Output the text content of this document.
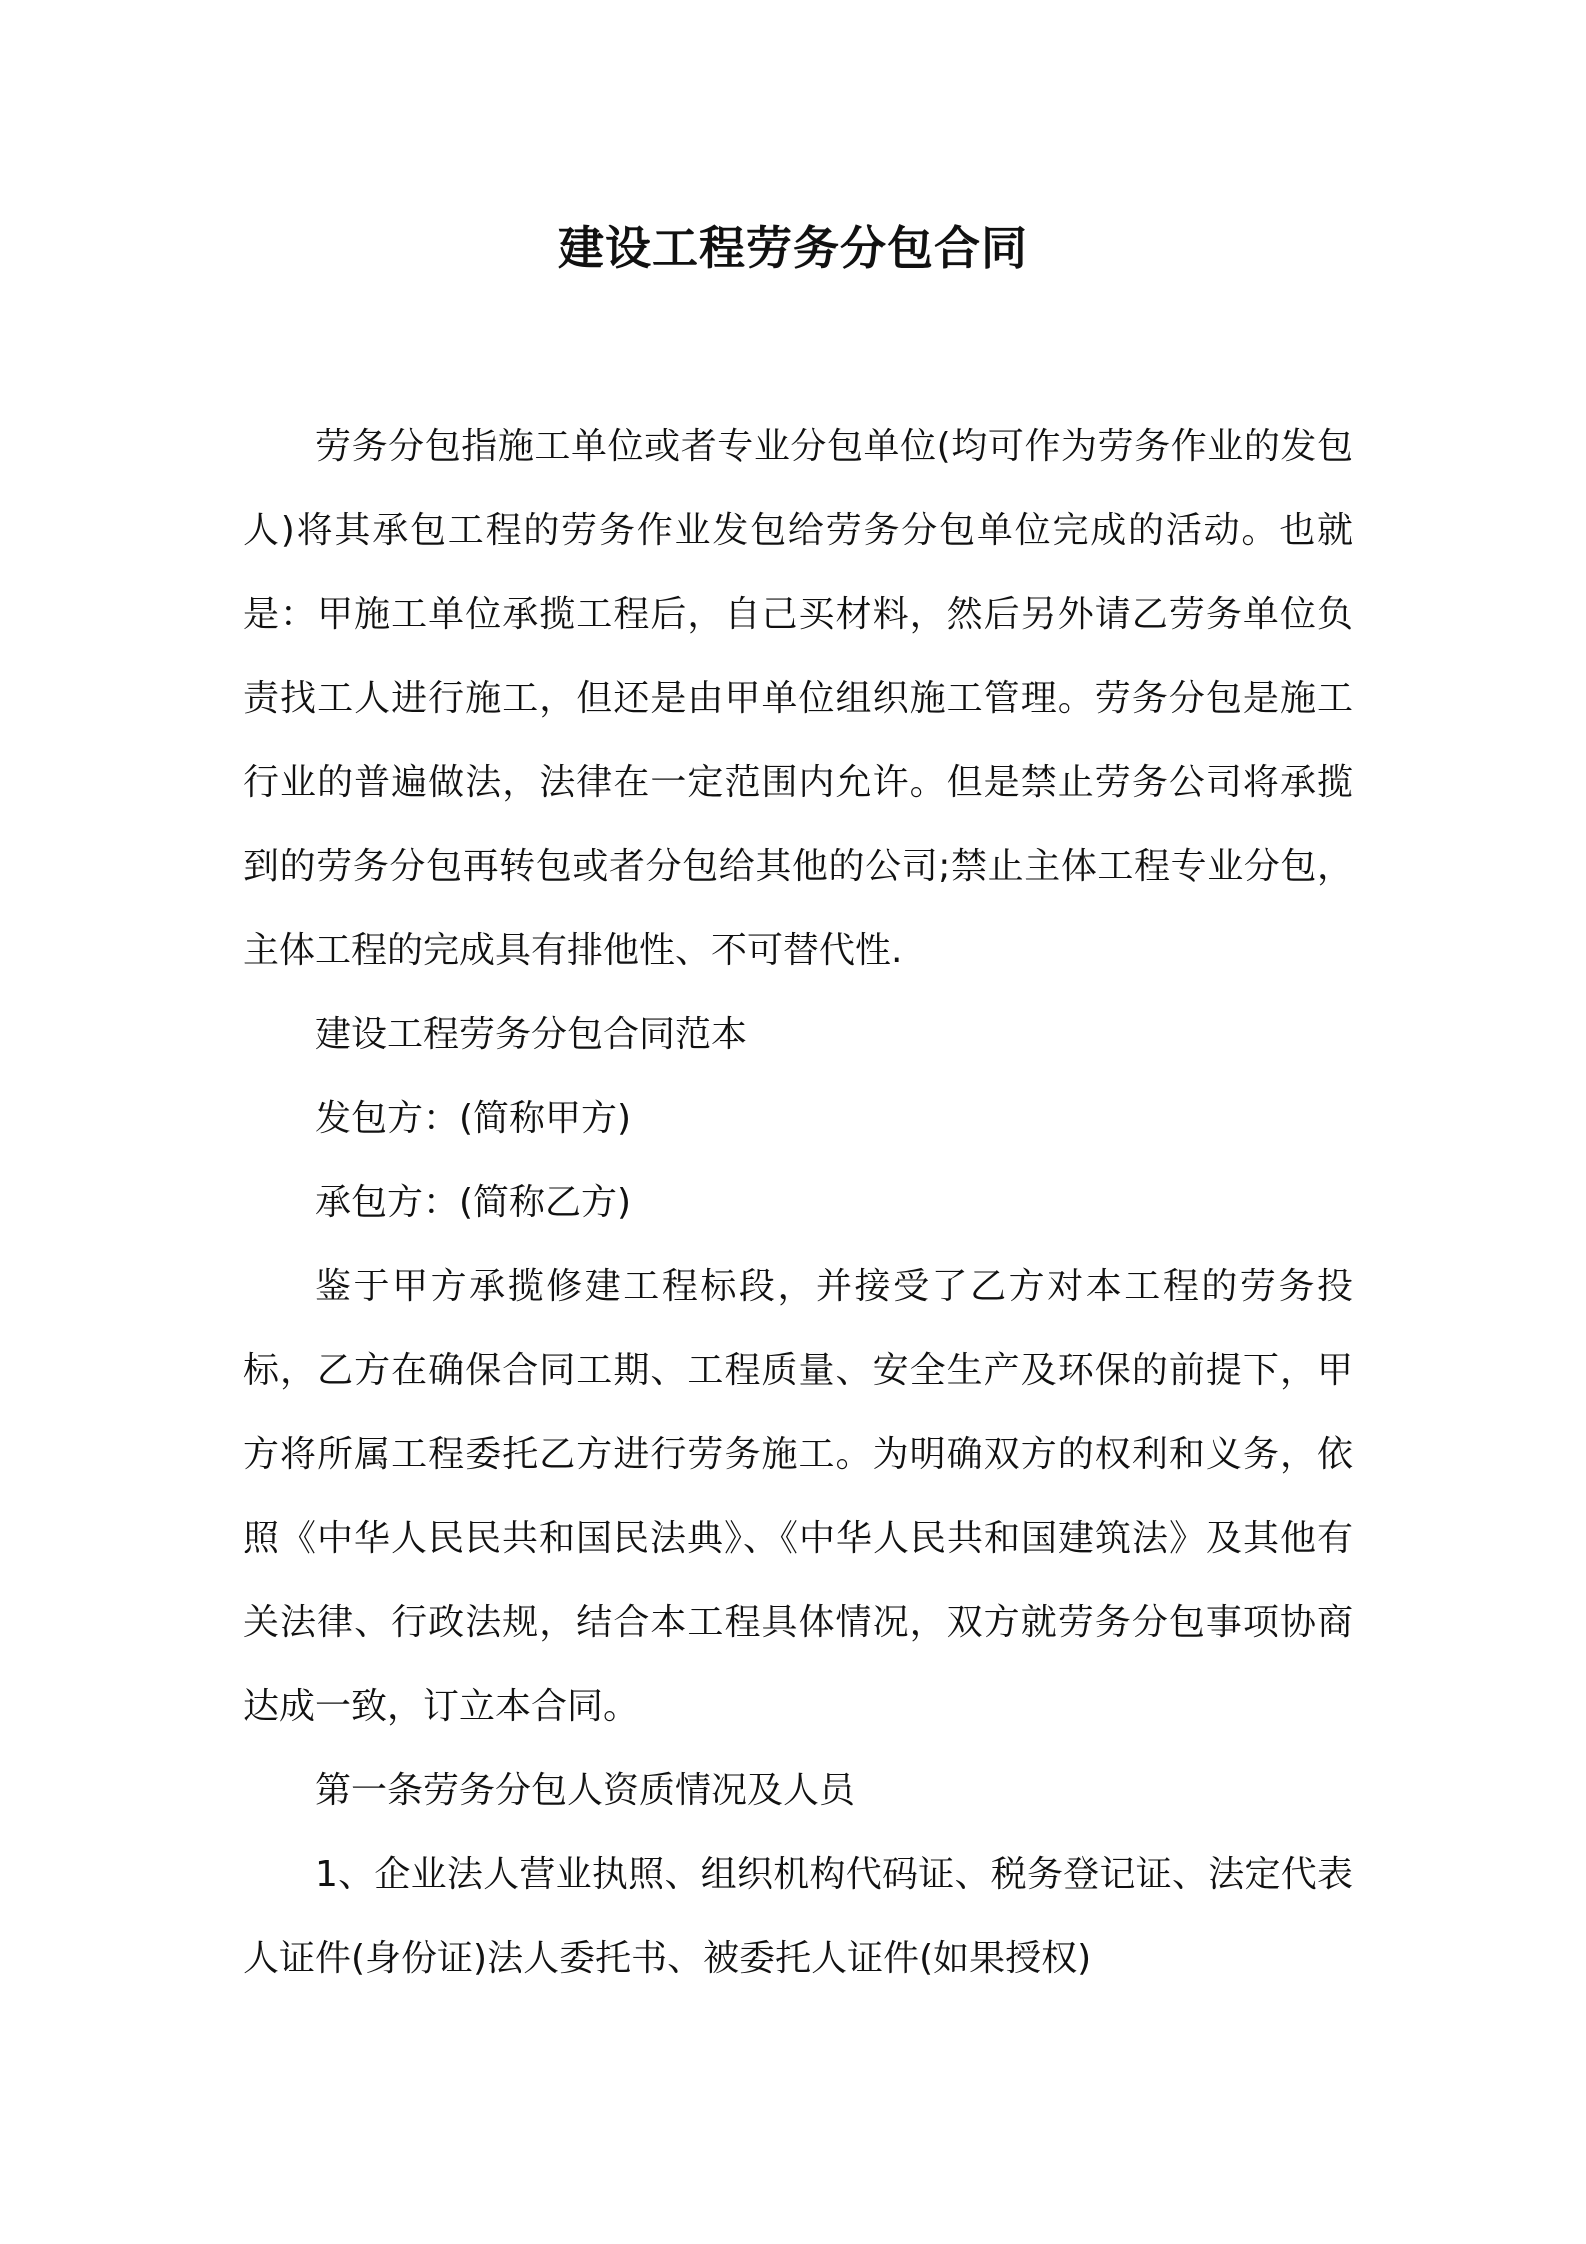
建设工程劳务分包合同

劳务分包指施工单位或者专业分包单位(均可作为劳务作业的发包人)将其承包工程的劳务作业发包给劳务分包单位完成的活动。也就是：甲施工单位承揽工程后，自己买材料，然后另外请乙劳务单位负责找工人进行施工，但还是由甲单位组织施工管理。劳务分包是施工行业的普遍做法，法律在一定范围内允许。但是禁止劳务公司将承揽到的劳务分包再转包或者分包给其他的公司;禁止主体工程专业分包，主体工程的完成具有排他性、不可替代性.

建设工程劳务分包合同范本

发包方：(简称甲方)

承包方：(简称乙方)

鉴于甲方承揽修建工程标段，并接受了乙方对本工程的劳务投标，乙方在确保合同工期、工程质量、安全生产及环保的前提下，甲方将所属工程委托乙方进行劳务施工。为明确双方的权利和义务，依照《中华人民民共和国民法典》、《中华人民共和国建筑法》及其他有关法律、行政法规，结合本工程具体情况，双方就劳务分包事项协商达成一致，订立本合同。

第一条劳务分包人资质情况及人员

1、企业法人营业执照、组织机构代码证、税务登记证、法定代表人证件(身份证)法人委托书、被委托人证件(如果授权)
